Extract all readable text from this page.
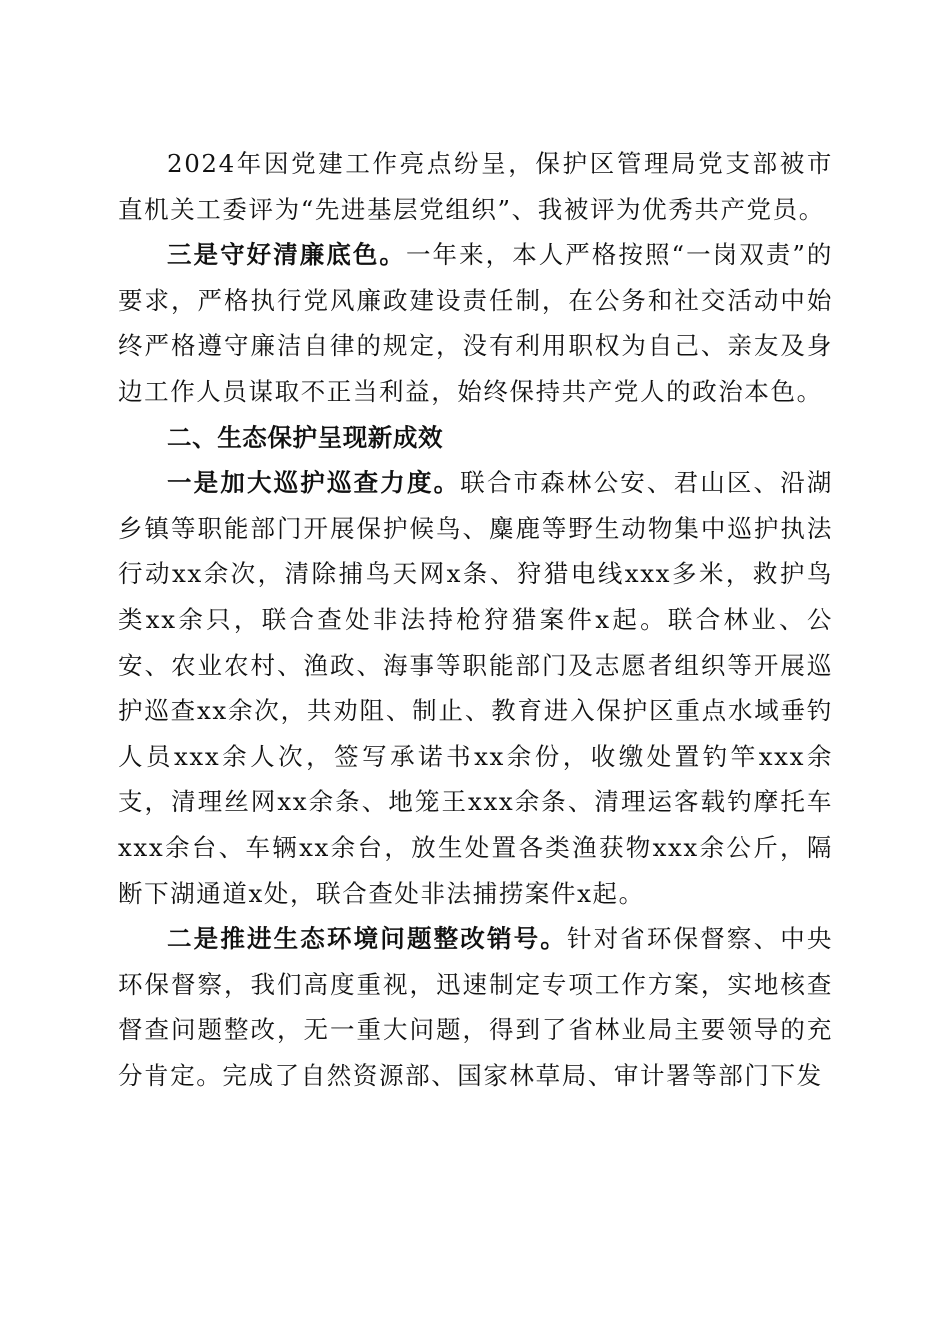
2024年因党建工作亮点纷呈，保护区管理局党支部被市直机关工委评为“先进基层党组织”、我被评为优秀共产党员。

三是守好清廉底色。一年来，本人严格按照“一岗双责”的要求，严格执行党风廉政建设责任制，在公务和社交活动中始终严格遵守廉洁自律的规定，没有利用职权为自己、亲友及身边工作人员谋取不正当利益，始终保持共产党人的政治本色。

二、生态保护呈现新成效

一是加大巡护巡查力度。联合市森林公安、君山区、沿湖乡镇等职能部门开展保护候鸟、麋鹿等野生动物集中巡护执法行动xx余次，清除捕鸟天网x条、狩猎电线xxx多米，救护鸟类xx余只，联合查处非法持枪狩猎案件x起。联合林业、公安、农业农村、渔政、海事等职能部门及志愿者组织等开展巡护巡查xx余次，共劝阻、制止、教育进入保护区重点水域垂钓人员xxx余人次，签写承诺书xx余份，收缴处置钓竿xxx余支，清理丝网xx余条、地笼王xxx余条、清理运客载钓摩托车xxx余台、车辆xx余台，放生处置各类渔获物xxx余公斤，隔断下湖通道x处，联合查处非法捕捞案件x起。

二是推进生态环境问题整改销号。针对省环保督察、中央环保督察，我们高度重视，迅速制定专项工作方案，实地核查督查问题整改，无一重大问题，得到了省林业局主要领导的充分肯定。完成了自然资源部、国家林草局、审计署等部门下发
